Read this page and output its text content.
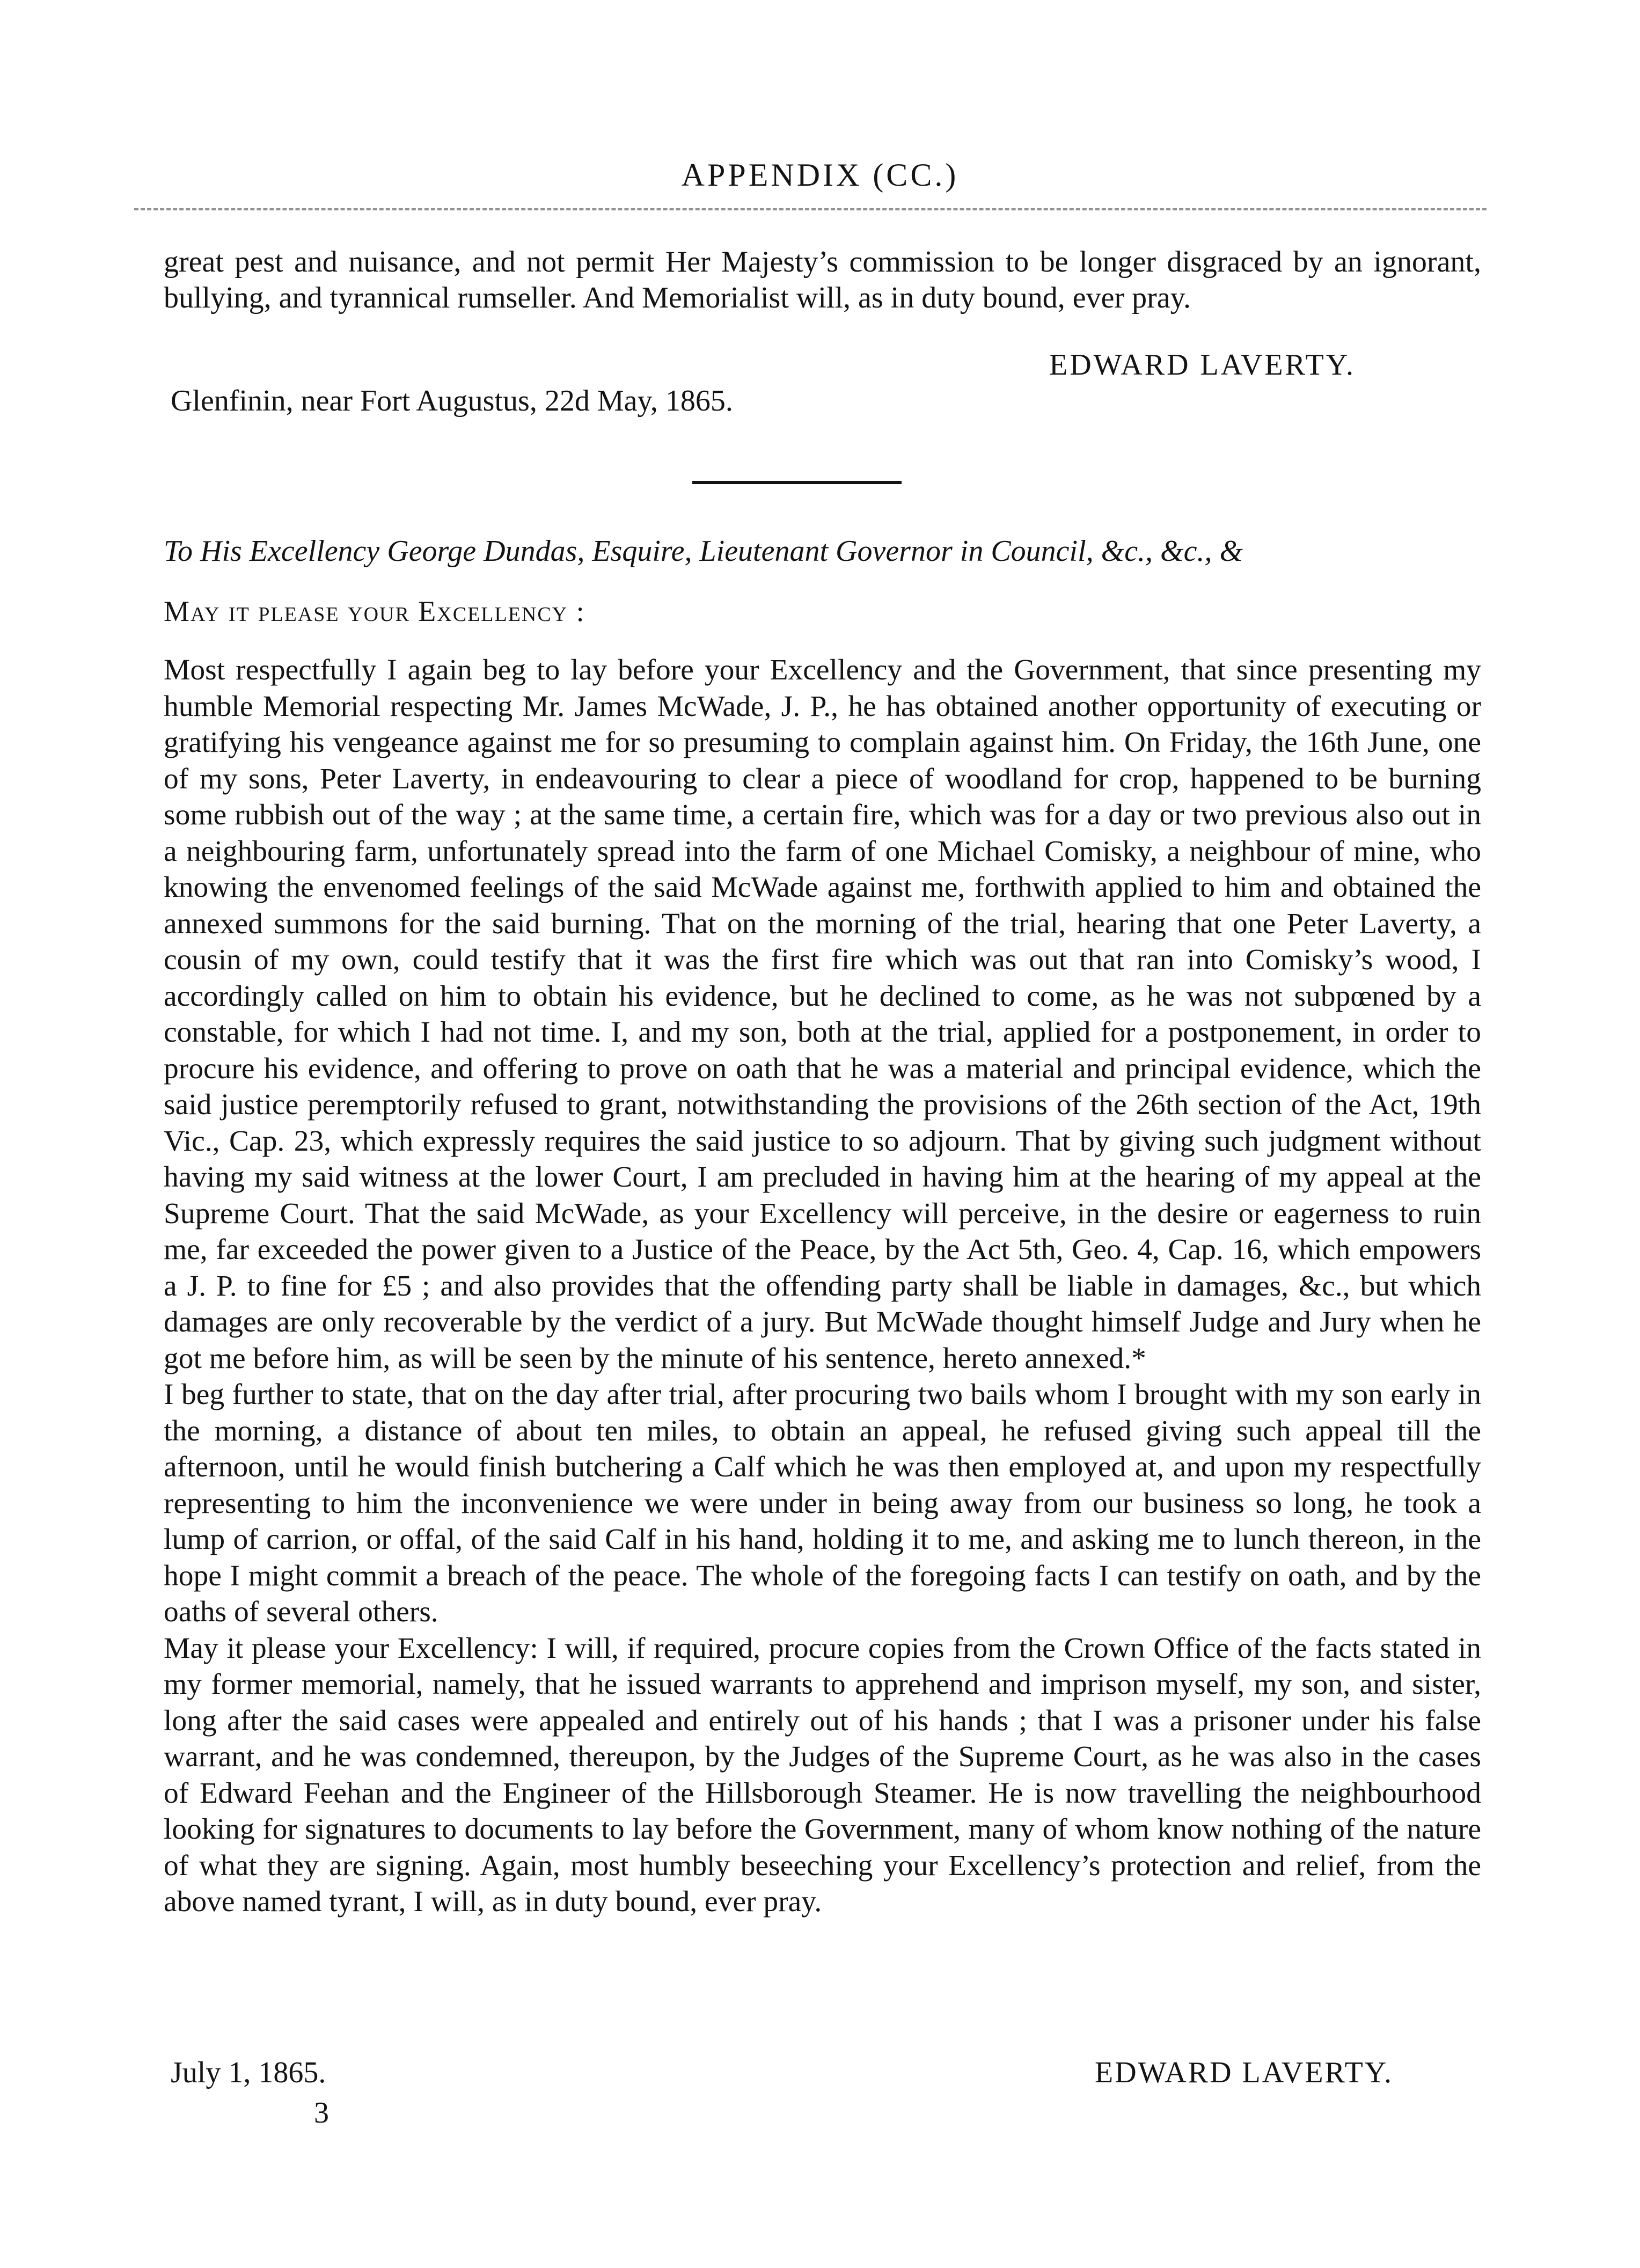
APPENDIX (CC.)

great pest and nuisance, and not permit Her Majesty’s commission to be longer disgraced by an ignorant, bullying, and tyrannical rumseller. And Memorialist will, as in duty bound, ever pray.

EDWARD LAVERTY.
Glenfinin, near Fort Augustus, 22d May, 1865.
To His Excellency George Dundas, Esquire, Lieutenant Governor in Council, &c., &c., &
May it please your Excellency :

Most respectfully I again beg to lay before your Excellency and the Government, that since presenting my humble Memorial respecting Mr. James McWade, J. P., he has obtained another opportunity of executing or gratifying his vengeance against me for so presuming to complain against him. On Friday, the 16th June, one of my sons, Peter Laverty, in endeavouring to clear a piece of woodland for crop, happened to be burning some rubbish out of the way ; at the same time, a certain fire, which was for a day or two previous also out in a neighbouring farm, unfortunately spread into the farm of one Michael Comisky, a neighbour of mine, who knowing the envenomed feelings of the said McWade against me, forthwith applied to him and obtained the annexed summons for the said burning. That on the morning of the trial, hearing that one Peter Laverty, a cousin of my own, could testify that it was the first fire which was out that ran into Comisky’s wood, I accordingly called on him to obtain his evidence, but he declined to come, as he was not subpœned by a constable, for which I had not time. I, and my son, both at the trial, applied for a postponement, in order to procure his evidence, and offering to prove on oath that he was a material and principal evidence, which the said justice peremptorily refused to grant, notwithstanding the provisions of the 26th section of the Act, 19th Vic., Cap. 23, which expressly requires the said justice to so adjourn. That by giving such judgment without having my said witness at the lower Court, I am precluded in having him at the hearing of my appeal at the Supreme Court. That the said McWade, as your Excellency will perceive, in the desire or eagerness to ruin me, far exceeded the power given to a Justice of the Peace, by the Act 5th, Geo. 4, Cap. 16, which empowers a J. P. to fine for £5 ; and also provides that the offending party shall be liable in damages, &c., but which damages are only recoverable by the verdict of a jury. But McWade thought himself Judge and Jury when he got me before him, as will be seen by the minute of his sentence, hereto annexed.*

I beg further to state, that on the day after trial, after procuring two bails whom I brought with my son early in the morning, a distance of about ten miles, to obtain an appeal, he refused giving such appeal till the afternoon, until he would finish butchering a Calf which he was then employed at, and upon my respectfully representing to him the inconvenience we were under in being away from our business so long, he took a lump of carrion, or offal, of the said Calf in his hand, holding it to me, and asking me to lunch thereon, in the hope I might commit a breach of the peace. The whole of the foregoing facts I can testify on oath, and by the oaths of several others.

May it please your Excellency: I will, if required, procure copies from the Crown Office of the facts stated in my former memorial, namely, that he issued warrants to apprehend and imprison myself, my son, and sister, long after the said cases were appealed and entirely out of his hands ; that I was a prisoner under his false warrant, and he was condemned, thereupon, by the Judges of the Supreme Court, as he was also in the cases of Edward Feehan and the Engineer of the Hillsborough Steamer. He is now travelling the neighbourhood looking for signatures to documents to lay before the Government, many of whom know nothing of the nature of what they are signing. Again, most humbly beseeching your Excellency’s protection and relief, from the above named tyrant, I will, as in duty bound, ever pray.

July 1, 1865.	EDWARD LAVERTY.
3
